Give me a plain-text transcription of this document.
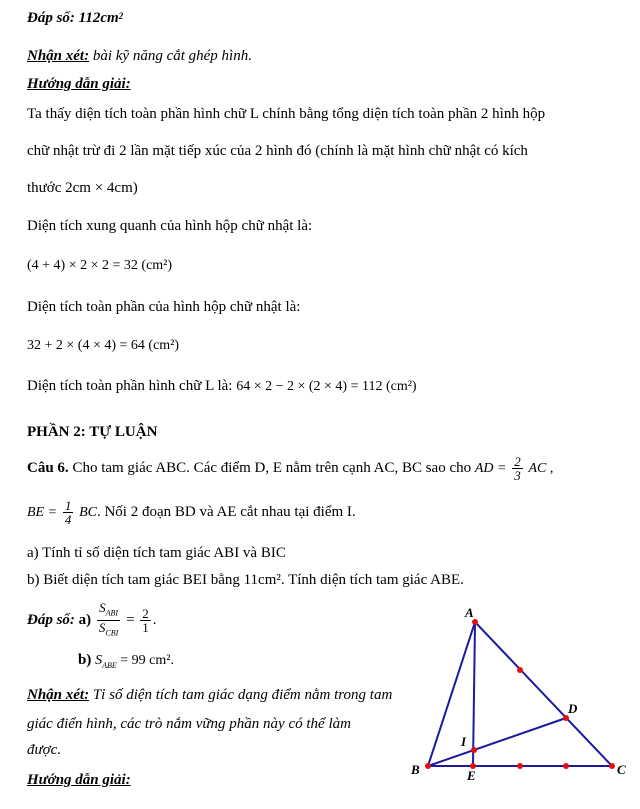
Đáp số: $112cm^2$
Nhận xét: bài kỹ năng cắt ghép hình.
Hướng dẫn giải:
Ta thấy diện tích toàn phần hình chữ L chính bằng tổng diện tích toàn phần 2 hình hộp
chữ nhật trừ đi 2 lần mặt tiếp xúc của 2 hình đó (chính là mặt hình chữ nhật có kích
thước 2cm × 4cm)
Diện tích xung quanh của hình hộp chữ nhật là:
(4 + 4) × 2 × 2 = 32 (cm²)
Diện tích toàn phần của hình hộp chữ nhật là:
32 + 2 × (4 × 4) = 64 (cm²)
Diện tích toàn phần hình chữ L là: 64 × 2 − 2 × (2 × 4) = 112 (cm²)
PHẦN 2: TỰ LUẬN
Câu 6. Cho tam giác ABC. Các điểm D, E nằm trên cạnh AC, BC sao cho AD = $\frac{2}{3}$ AC ,
BE = $\frac{1}{4}$ BC. Nối 2 đoạn BD và AE cắt nhau tại điểm I.
a) Tính tỉ số diện tích tam giác ABI và BIC
b) Biết diện tích tam giác BEI bằng 11cm². Tính diện tích tam giác ABE.
Đáp số: $a) \frac{S_{ABI}}{S_{CBI}} = \frac{2}{1}$ .
b) $S_{ABE} = 99$ cm².
Nhận xét: Tỉ số diện tích tam giác dạng điểm nằm trong tam
giác điển hình, các trò nắm vững phần này có thể làm
được.
Hướng dẫn giải:
A
B	C
D
E
I
